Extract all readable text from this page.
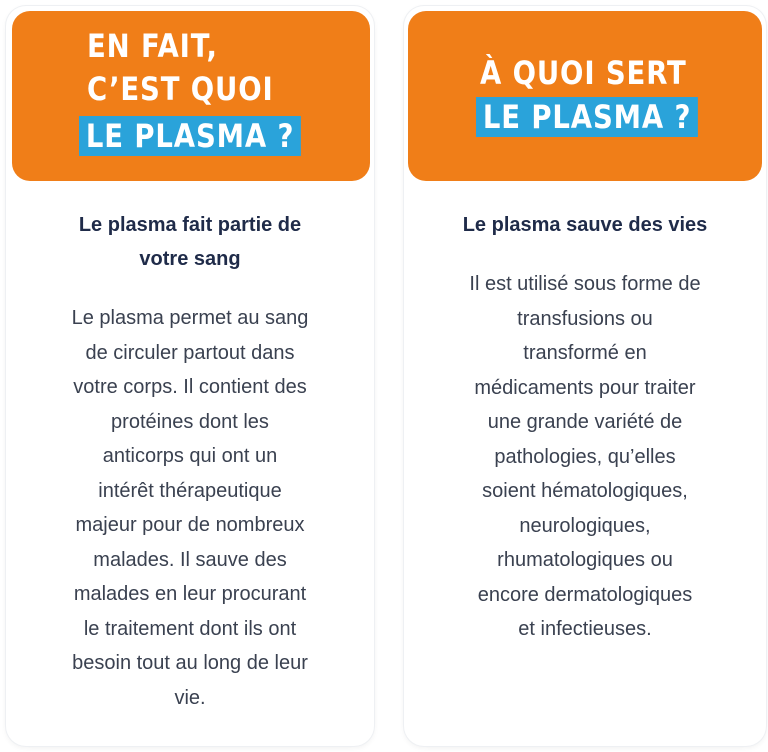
EN FAIT,
C’EST QUOI
LE PLASMA ?
Le plasma fait partie de
votre sang
Le plasma permet au sang
de circuler partout dans
votre corps. Il contient des
protéines dont les
anticorps qui ont un
intérêt thérapeutique
majeur pour de nombreux
malades. Il sauve des
malades en leur procurant
le traitement dont ils ont
besoin tout au long de leur
vie.
À QUOI SERT
LE PLASMA ?
Le plasma sauve des vies
Il est utilisé sous forme de
transfusions ou
transformé en
médicaments pour traiter
une grande variété de
pathologies, qu’elles
soient hématologiques,
neurologiques,
rhumatologiques ou
encore dermatologiques
et infectieuses.
